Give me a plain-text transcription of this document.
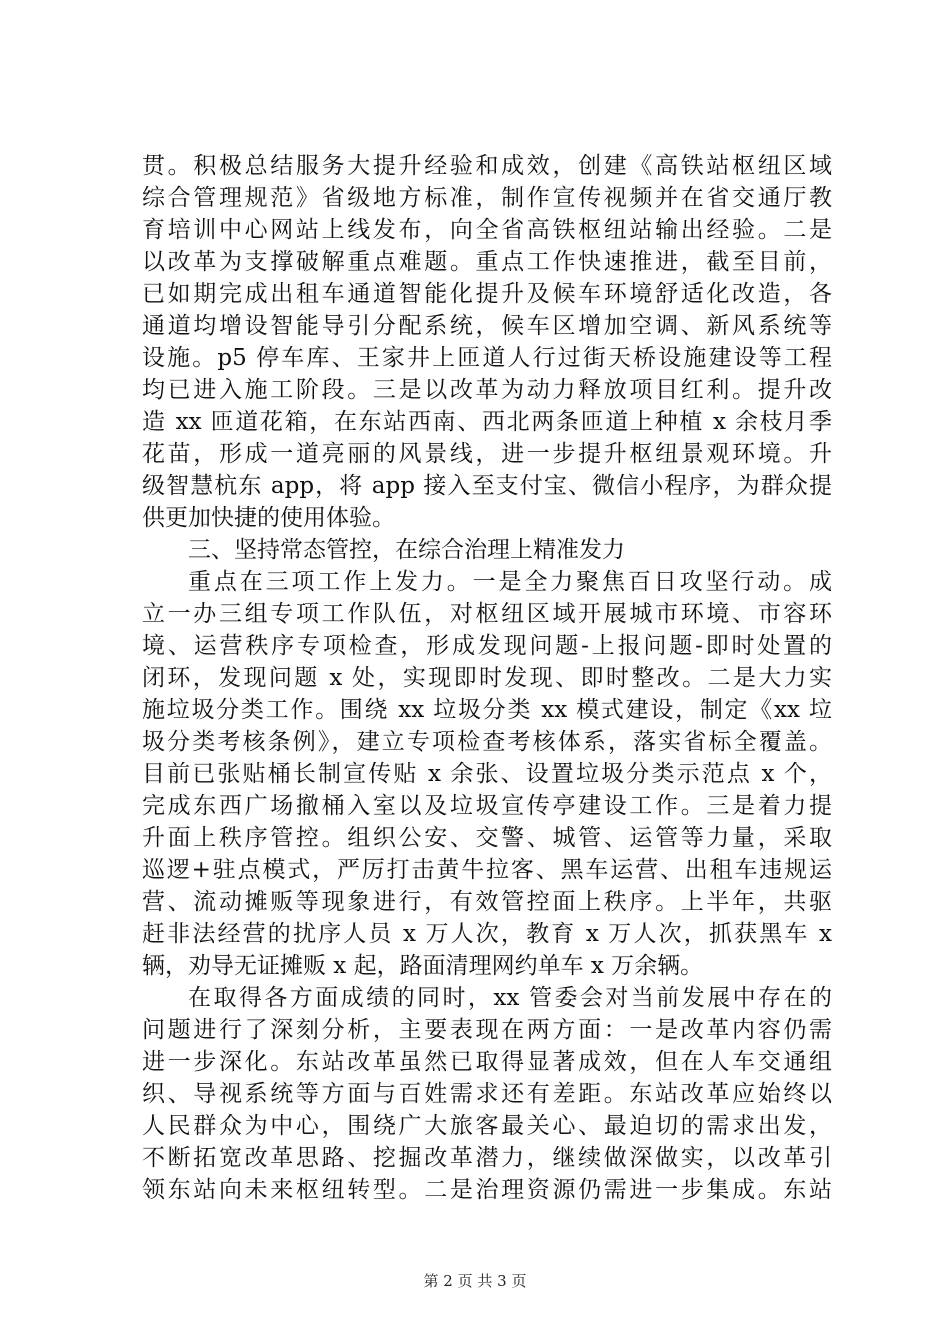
贯。积极总结服务大提升经验和成效，创建《高铁站枢纽区域
综合管理规范》省级地方标准，制作宣传视频并在省交通厅教
育培训中心网站上线发布，向全省高铁枢纽站输出经验。二是
以改革为支撑破解重点难题。重点工作快速推进，截至目前，
已如期完成出租车通道智能化提升及候车环境舒适化改造，各
通道均增设智能导引分配系统，候车区增加空调、新风系统等
设施。p5 停车库、王家井上匝道人行过街天桥设施建设等工程
均已进入施工阶段。三是以改革为动力释放项目红利。提升改
造 xx 匝道花箱，在东站西南、西北两条匝道上种植 x 余枝月季
花苗，形成一道亮丽的风景线，进一步提升枢纽景观环境。升
级智慧杭东 app，将 app 接入至支付宝、微信小程序，为群众提
供更加快捷的使用体验。
三、坚持常态管控，在综合治理上精准发力
重点在三项工作上发力。一是全力聚焦百日攻坚行动。成
立一办三组专项工作队伍，对枢纽区域开展城市环境、市容环
境、运营秩序专项检查，形成发现问题-上报问题-即时处置的
闭环，发现问题 x 处，实现即时发现、即时整改。二是大力实
施垃圾分类工作。围绕 xx 垃圾分类 xx 模式建设，制定《xx 垃
圾分类考核条例》，建立专项检查考核体系，落实省标全覆盖。
目前已张贴桶长制宣传贴 x 余张、设置垃圾分类示范点 x 个，
完成东西广场撤桶入室以及垃圾宣传亭建设工作。三是着力提
升面上秩序管控。组织公安、交警、城管、运管等力量，采取
巡逻+驻点模式，严厉打击黄牛拉客、黑车运营、出租车违规运
营、流动摊贩等现象进行，有效管控面上秩序。上半年，共驱
赶非法经营的扰序人员 x 万人次，教育 x 万人次，抓获黑车 x
辆，劝导无证摊贩 x 起，路面清理网约单车 x 万余辆。
在取得各方面成绩的同时，xx 管委会对当前发展中存在的
问题进行了深刻分析，主要表现在两方面：一是改革内容仍需
进一步深化。东站改革虽然已取得显著成效，但在人车交通组
织、导视系统等方面与百姓需求还有差距。东站改革应始终以
人民群众为中心，围绕广大旅客最关心、最迫切的需求出发，
不断拓宽改革思路、挖掘改革潜力，继续做深做实，以改革引
领东站向未来枢纽转型。二是治理资源仍需进一步集成。东站
第 2 页 共 3 页
